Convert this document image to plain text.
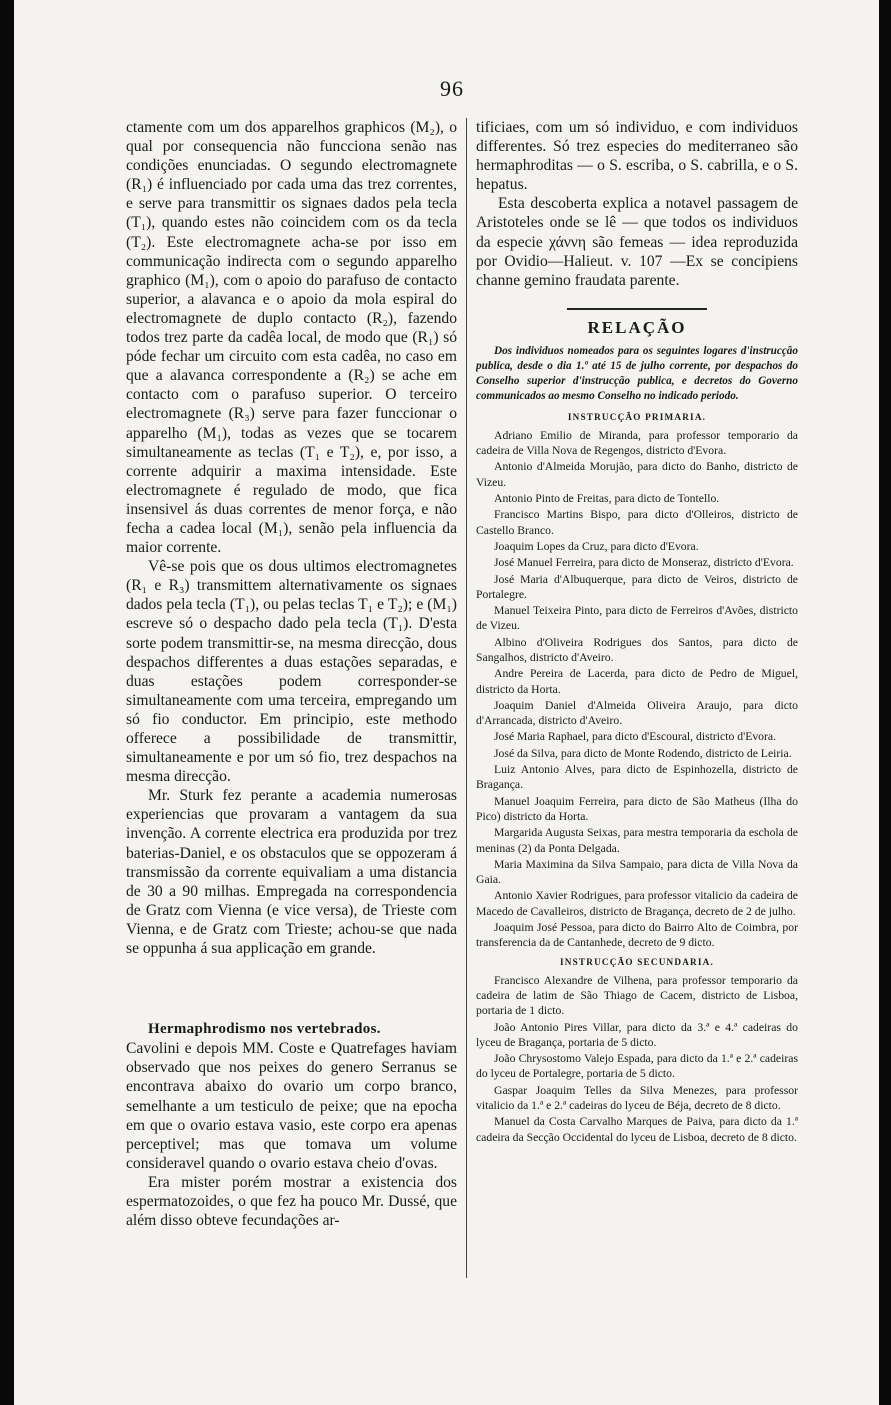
96

ctamente com um dos apparelhos graphicos (M₂), o qual por consequencia não funcciona senão nas condições enunciadas. O segundo electromagnete (R₁) é influenciado por cada uma das trez correntes, e serve para transmittir os signaes dados pela tecla (T₁), quando estes não coincidem com os da tecla (T₂). Este electromagnete acha-se por isso em communicação indirecta com o segundo apparelho graphico (M₁), com o apoio do parafuso de contacto superior, a alavanca e o apoio da mola espiral do electromagnete de duplo contacto (R₂), fazendo todos trez parte da cadêa local, de modo que (R₁) só póde fechar um circuito com esta cadêa, no caso em que a alavanca correspondente a (R₂) se ache em contacto com o parafuso superior. O terceiro electromagnete (R₃) serve para fazer funccionar o apparelho (M₁), todas as vezes que se tocarem simultaneamente as teclas (T₁ e T₂), e, por isso, a corrente adquirir a maxima intensidade. Este electromagnete é regulado de modo, que fica insensivel ás duas correntes de menor força, e não fecha a cadea local (M₁), senão pela influencia da maior corrente.

Vê-se pois que os dous ultimos electromagnetes (R₁ e R₃) transmittem alternativamente os signaes dados pela tecla (T₁), ou pelas teclas T₁ e T₂); e (M₁) escreve só o despacho dado pela tecla (T₁). D'esta sorte podem transmittir-se, na mesma direcção, dous despachos differentes a duas estações separadas, e duas estações podem corresponder-se simultaneamente com uma terceira, empregando um só fio conductor. Em principio, este methodo offerece a possibilidade de transmittir, simultaneamente e por um só fio, trez despachos na mesma direcção.

Mr. Sturk fez perante a academia numerosas experiencias que provaram a vantagem da sua invenção. A corrente electrica era produzida por trez baterias-Daniel, e os obstaculos que se oppozeram á transmissão da corrente equivaliam a uma distancia de 30 a 90 milhas. Empregada na correspondencia de Gratz com Vienna (e vice versa), de Trieste com Vienna, e de Gratz com Trieste; achou-se que nada se oppunha á sua applicação em grande.

Hermaphrodismo nos vertebrados.

Cavolini e depois MM. Coste e Quatrefages haviam observado que nos peixes do genero Serranus se encontrava abaixo do ovario um corpo branco, semelhante a um testiculo de peixe; que na epocha em que o ovario estava vasio, este corpo era apenas perceptivel; mas que tomava um volume consideravel quando o ovario estava cheio d'ovas.

Era mister porém mostrar a existencia dos espermatozoides, o que fez ha pouco Mr. Dussé, que além disso obteve fecundações ar-

tificiaes, com um só individuo, e com individuos differentes. Só trez especies do mediterraneo são hermaphroditas — o S. escriba, o S. cabrilla, e o S. hepatus.

Esta descoberta explica a notavel passagem de Aristoteles onde se lê — que todos os individuos da especie χάννη são femeas — idea reproduzida por Ovidio—Halieut. v. 107 —Ex se concipiens channe gemino fraudata parente.

RELAÇÃO

Dos individuos nomeados para os seguintes logares d'instrucção publica, desde o dia 1.º até 15 de julho corrente, por despachos do Conselho superior d'instrucção publica, e decretos do Governo communicados ao mesmo Conselho no indicado periodo.

INSTRUCÇÃO PRIMARIA.

Adriano Emilio de Miranda, para professor temporario da cadeira de Villa Nova de Regengos, districto d'Evora.

Antonio d'Almeida Morujão, para dicto do Banho, districto de Vizeu.

Antonio Pinto de Freitas, para dicto de Tontello.

Francisco Martins Bispo, para dicto d'Olleiros, districto de Castello Branco.

Joaquim Lopes da Cruz, para dicto d'Evora.

José Manuel Ferreira, para dicto de Monseraz, districto d'Evora.

José Maria d'Albuquerque, para dicto de Veiros, districto de Portalegre.

Manuel Teixeira Pinto, para dicto de Ferreiros d'Avões, districto de Vizeu.

Albino d'Oliveira Rodrigues dos Santos, para dicto de Sangalhos, districto d'Aveiro.

Andre Pereira de Lacerda, para dicto de Pedro de Miguel, districto da Horta.

Joaquim Daniel d'Almeida Oliveira Araujo, para dicto d'Arrancada, districto d'Aveiro.

José Maria Raphael, para dicto d'Escoural, districto d'Evora.

José da Silva, para dicto de Monte Rodendo, districto de Leiria.

Luiz Antonio Alves, para dicto de Espinhozella, districto de Bragança.

Manuel Joaquim Ferreira, para dicto de São Matheus (Ilha do Pico) districto da Horta.

Margarida Augusta Seixas, para mestra temporaria da eschola de meninas (2) da Ponta Delgada.

Maria Maximina da Silva Sampaio, para dicta de Villa Nova da Gaia.

Antonio Xavier Rodrigues, para professor vitalicio da cadeira de Macedo de Cavalleiros, districto de Bragança, decreto de 2 de julho.

Joaquim José Pessoa, para dicto do Bairro Alto de Coimbra, por transferencia da de Cantanhede, decreto de 9 dicto.

INSTRUCÇÃO SECUNDARIA.

Francisco Alexandre de Vilhena, para professor temporario da cadeira de latim de São Thiago de Cacem, districto de Lisboa, portaria de 1 dicto.

João Antonio Pires Villar, para dicto da 3.ª e 4.ª cadeiras do lyceu de Bragança, portaria de 5 dicto.

João Chrysostomo Valejo Espada, para dicto da 1.ª e 2.ª cadeiras do lyceu de Portalegre, portaria de 5 dicto.

Gaspar Joaquim Telles da Silva Menezes, para professor vitalicio da 1.ª e 2.ª cadeiras do lyceu de Béja, decreto de 8 dicto.

Manuel da Costa Carvalho Marques de Paiva, para dicto da 1.ª cadeira da Secção Occidental do lyceu de Lisboa, decreto de 8 dicto.
